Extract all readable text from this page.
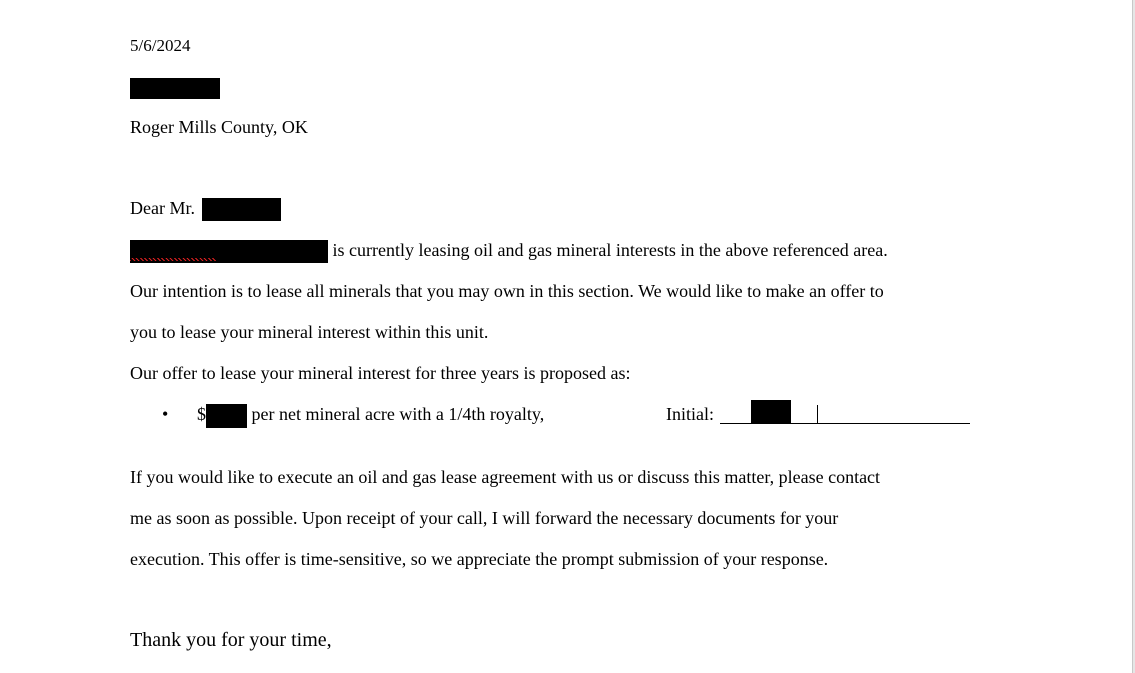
5/6/2024
Roger Mills County, OK
Dear Mr.
is currently leasing oil and gas mineral interests in the above referenced area.
Our intention is to lease all minerals that you may own in this section. We would like to make an offer to
you to lease your mineral interest within this unit.
Our offer to lease your mineral interest for three years is proposed as:
• $	per net mineral acre with a 1/4th royalty,	Initial:
If you would like to execute an oil and gas lease agreement with us or discuss this matter, please contact
me as soon as possible. Upon receipt of your call, I will forward the necessary documents for your
execution. This offer is time-sensitive, so we appreciate the prompt submission of your response.
Thank you for your time,
